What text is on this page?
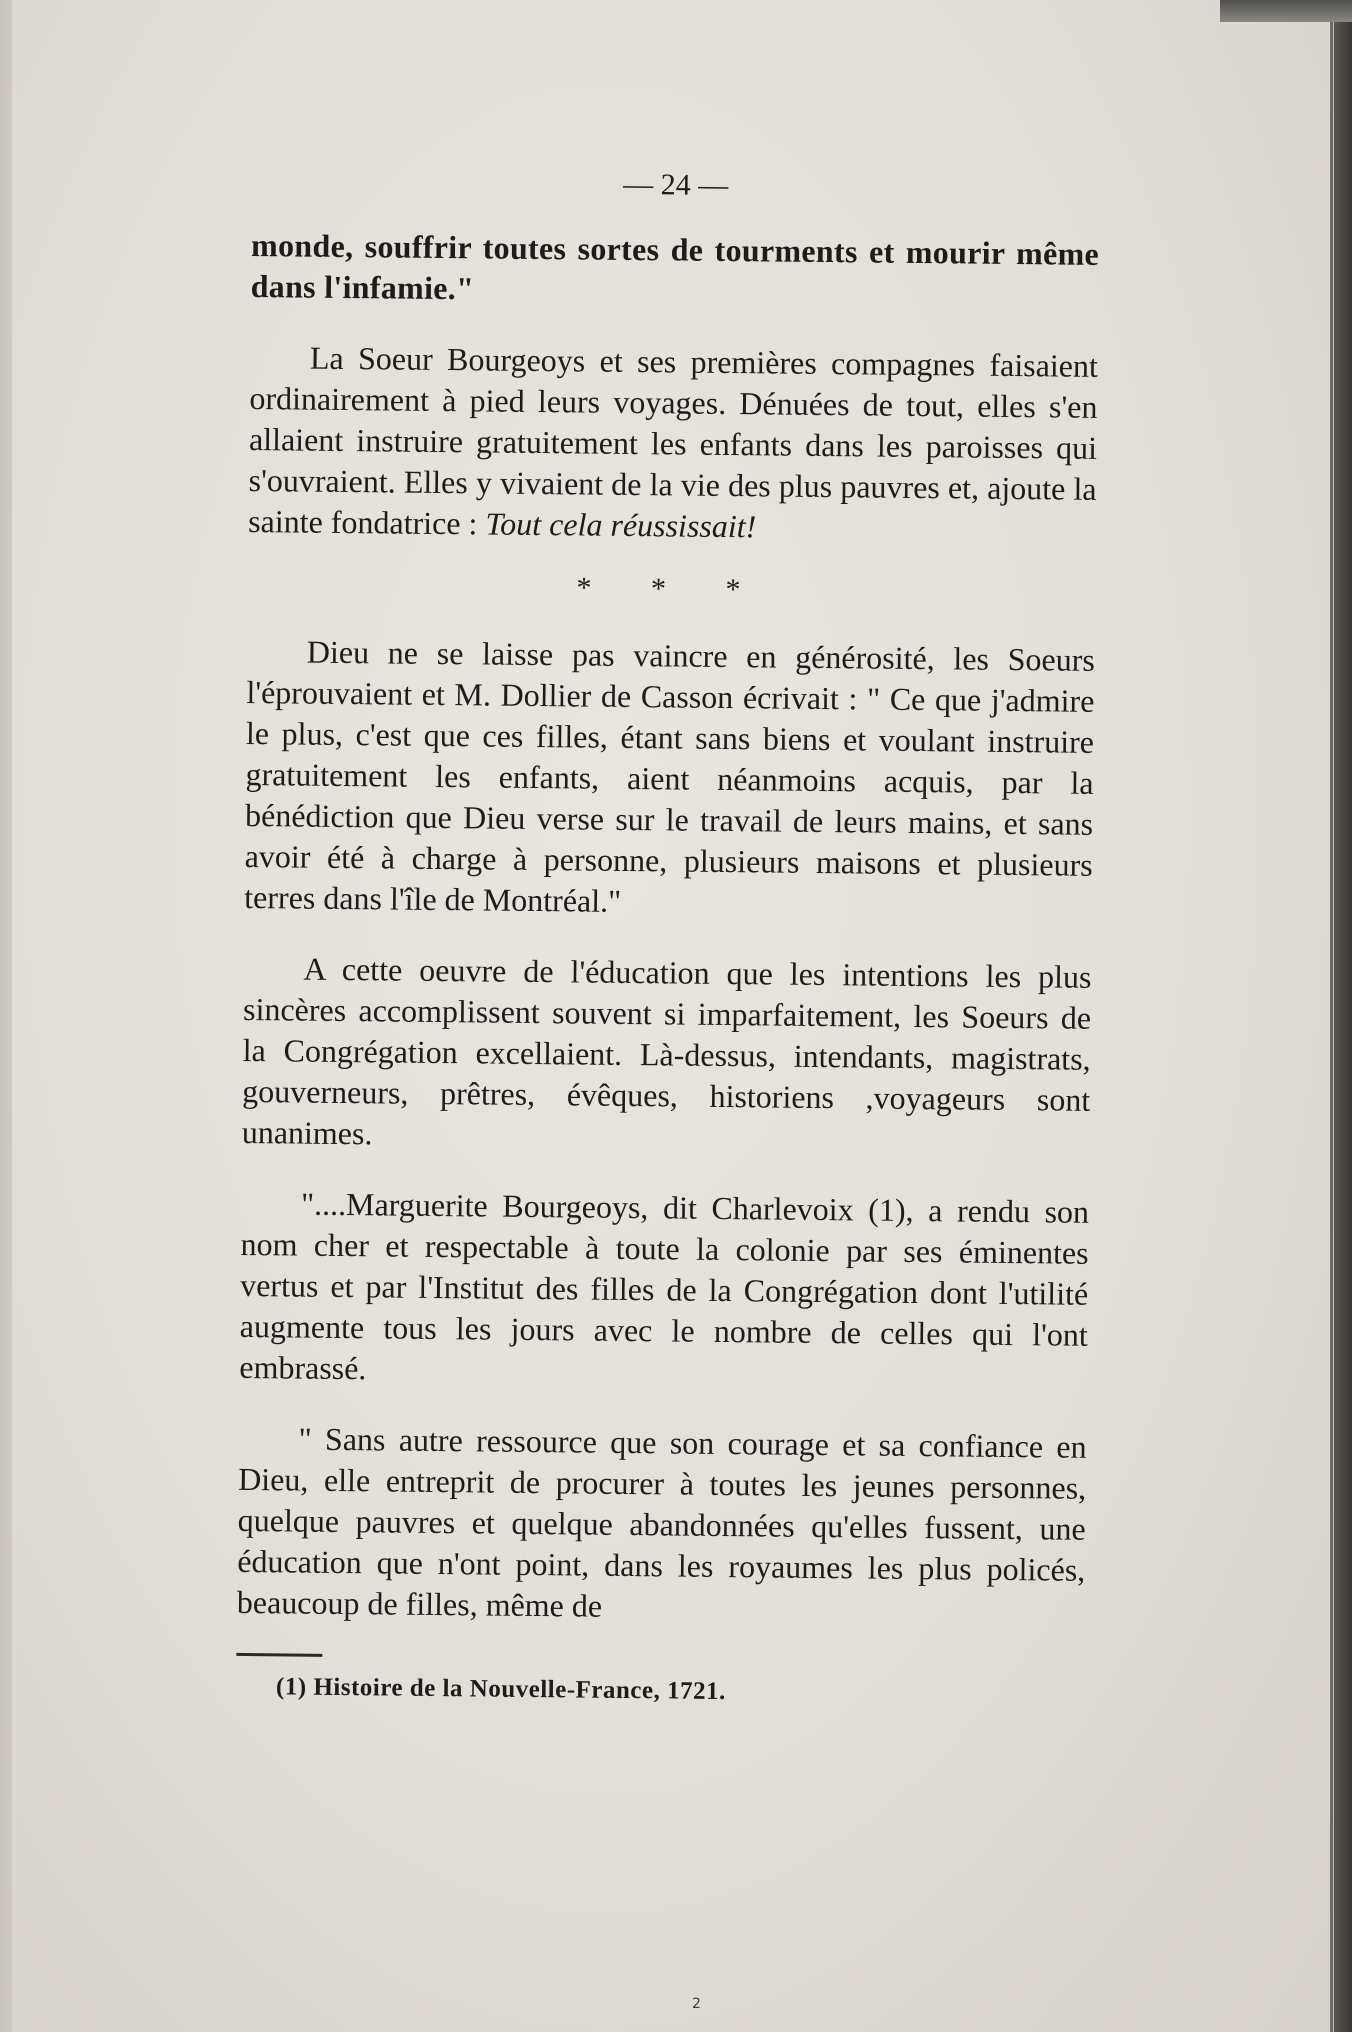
— 24 —

monde, souffrir toutes sortes de tourments et mourir même dans l'infamie."

La Soeur Bourgeoys et ses premières compagnes faisaient ordinairement à pied leurs voyages. Dénuées de tout, elles s'en allaient instruire gratuitement les enfants dans les paroisses qui s'ouvraient. Elles y vivaient de la vie des plus pauvres et, ajoute la sainte fondatrice : Tout cela réussissait!

* * *

Dieu ne se laisse pas vaincre en générosité, les Soeurs l'éprouvaient et M. Dollier de Casson écrivait : " Ce que j'admire le plus, c'est que ces filles, étant sans biens et voulant instruire gratuitement les enfants, aient néanmoins acquis, par la bénédiction que Dieu verse sur le travail de leurs mains, et sans avoir été à charge à personne, plusieurs maisons et plusieurs terres dans l'île de Montréal."

A cette oeuvre de l'éducation que les intentions les plus sincères accomplissent souvent si imparfaitement, les Soeurs de la Congrégation excellaient. Là-dessus, intendants, magistrats, gouverneurs, prêtres, évêques, historiens ,voyageurs sont unanimes.

"....Marguerite Bourgeoys, dit Charlevoix (1), a rendu son nom cher et respectable à toute la colonie par ses éminentes vertus et par l'Institut des filles de la Congrégation dont l'utilité augmente tous les jours avec le nombre de celles qui l'ont embrassé.

" Sans autre ressource que son courage et sa confiance en Dieu, elle entreprit de procurer à toutes les jeunes personnes, quelque pauvres et quelque abandonnées qu'elles fussent, une éducation que n'ont point, dans les royaumes les plus policés, beaucoup de filles, même de

(1) Histoire de la Nouvelle-France, 1721.
2
